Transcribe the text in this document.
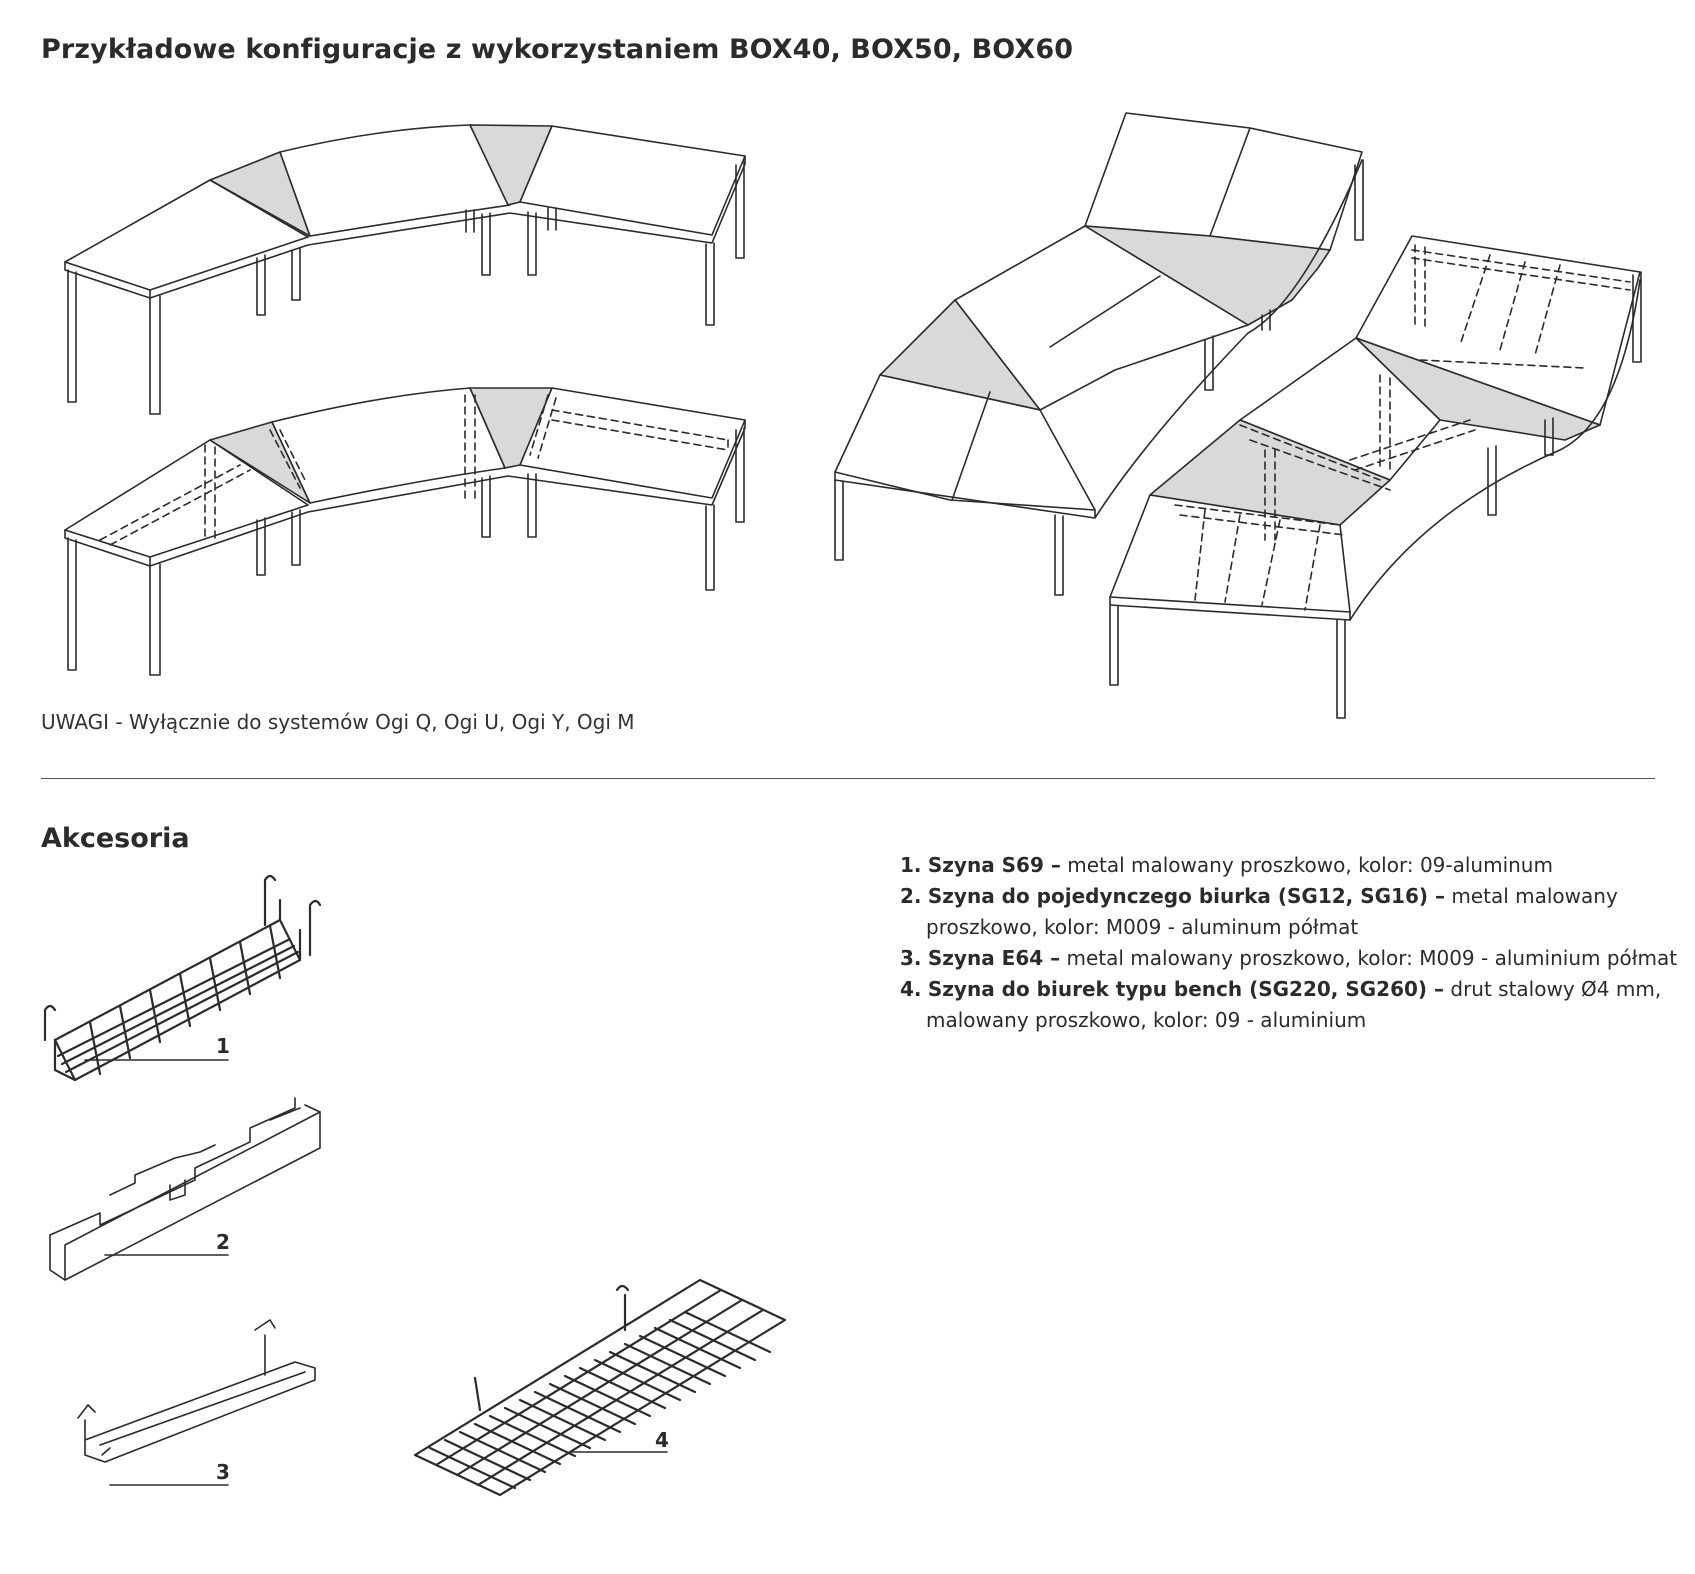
Przykładowe konfiguracje z wykorzystaniem BOX40, BOX50, BOX60
1
2
3
4
UWAGI - Wyłącznie do systemów Ogi Q, Ogi U, Ogi Y, Ogi M
Akcesoria
1. Szyna S69 – metal malowany proszkowo, kolor: 09-aluminum
2. Szyna do pojedynczego biurka (SG12, SG16) – metal malowany proszkowo, kolor: M009 - aluminum półmat
3. Szyna E64 – metal malowany proszkowo, kolor: M009 - aluminium półmat
4. Szyna do biurek typu bench (SG220, SG260) – drut stalowy Ø4 mm, malowany proszkowo, kolor: 09 - aluminium
